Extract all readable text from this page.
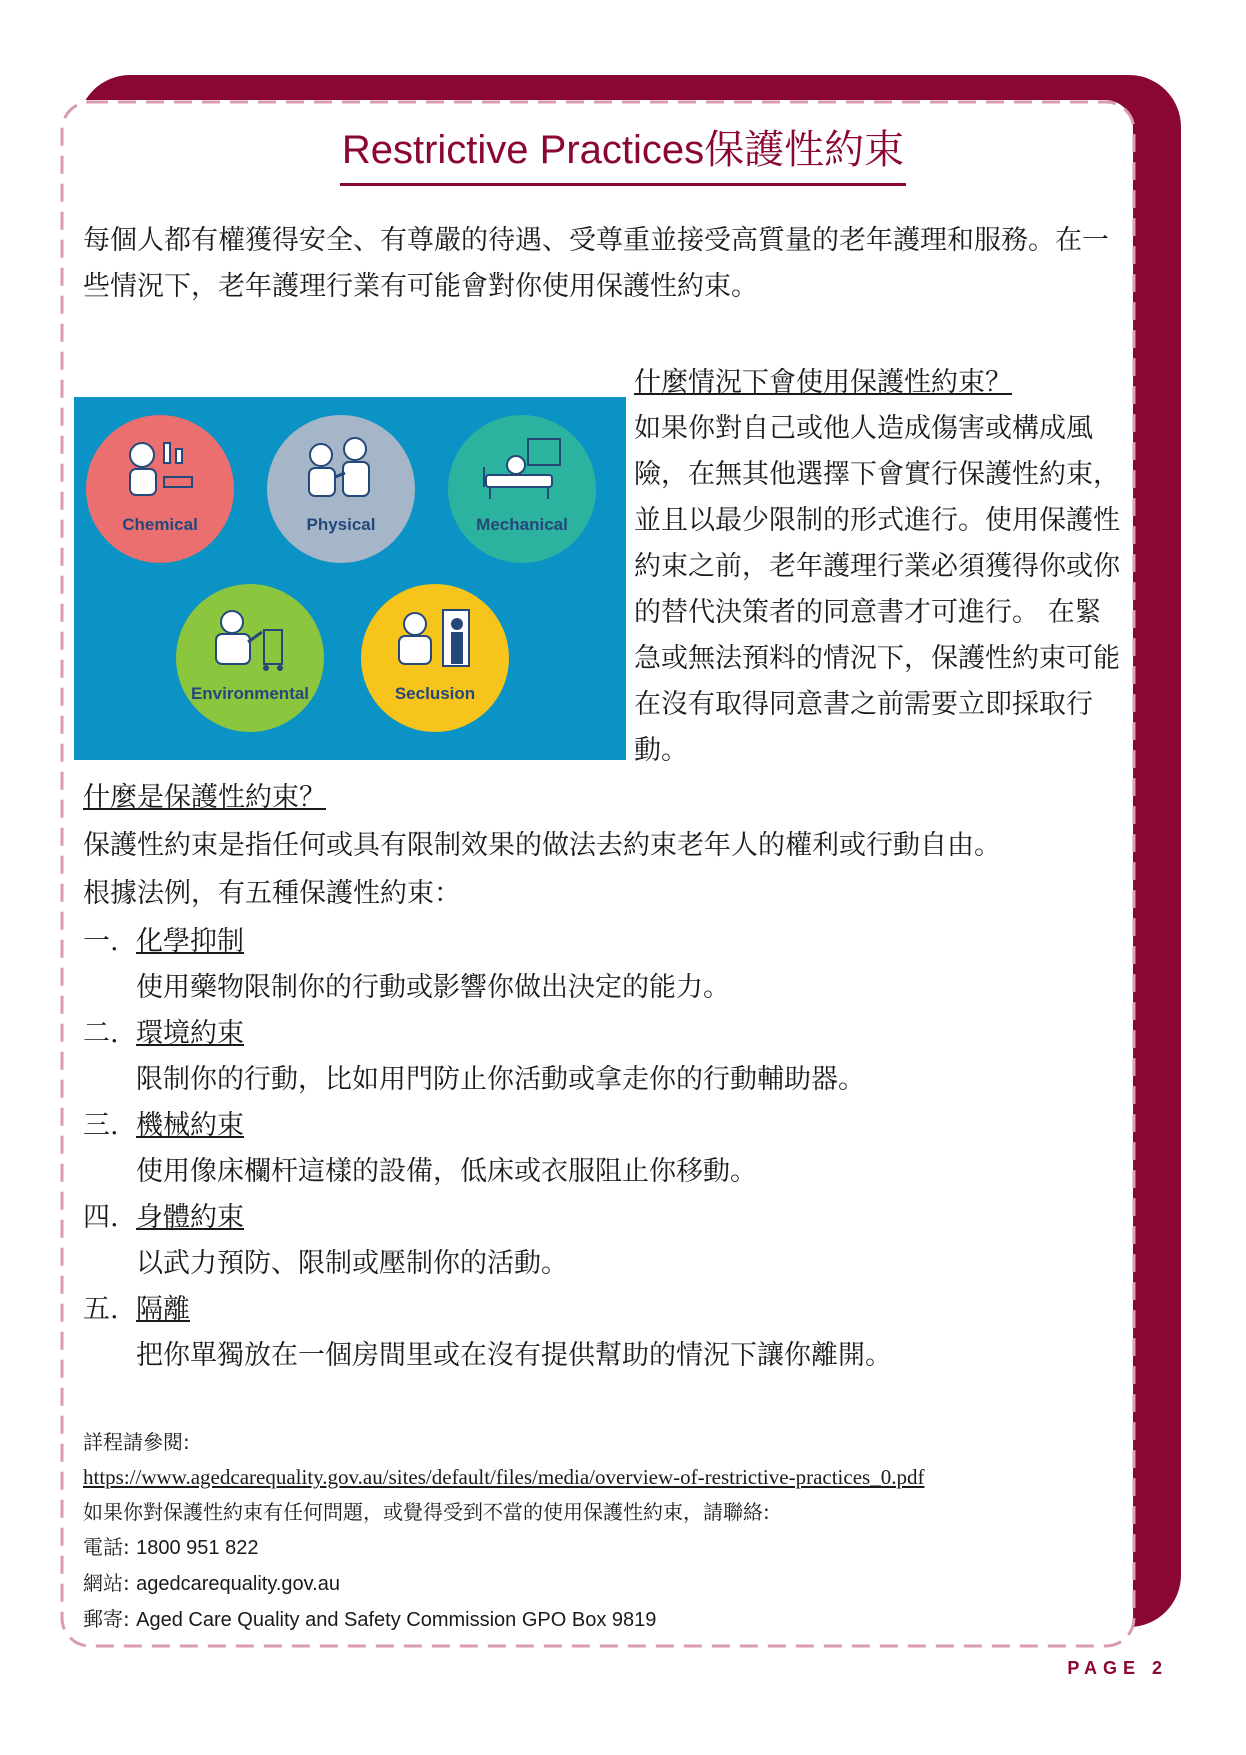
Restrictive Practices保護性約束

每個人都有權獲得安全、有尊嚴的待遇、受尊重並接受高質量的老年護理和服務。在一些情況下，老年護理行業有可能會對你使用保護性約束。

Chemical	Physical	Mechanical
Environmental	Seclusion

什麼情況下會使用保護性約束？

如果你對自己或他人造成傷害或構成風險，在無其他選擇下會實行保護性約束，並且以最少限制的形式進行。使用保護性約束之前，老年護理行業必須獲得你或你的替代決策者的同意書才可進行。 在緊急或無法預料的情況下，保護性約束可能在沒有取得同意書之前需要立即採取行動。

什麼是保護性約束？

保護性約束是指任何或具有限制效果的做法去約束老年人的權利或行動自由。

根據法例，有五種保護性約束：

一. 化學抑制
使用藥物限制你的行動或影響你做出決定的能力。
二. 環境約束
限制你的行動，比如用門防止你活動或拿走你的行動輔助器。
三. 機械約束
使用像床欄杆這樣的設備，低床或衣服阻止你移動。
四. 身體約束
以武力預防、限制或壓制你的活動。
五. 隔離
把你單獨放在一個房間里或在沒有提供幫助的情況下讓你離開。
詳程請參閱:
https://www.agedcarequality.gov.au/sites/default/files/media/overview-of-restrictive-practices_0.pdf
如果你對保護性約束有任何問題，或覺得受到不當的使用保護性約束，請聯絡:
電話: 1800 951 822
網站: agedcarequality.gov.au
郵寄: Aged Care Quality and Safety Commission GPO Box 9819
PAGE 2
